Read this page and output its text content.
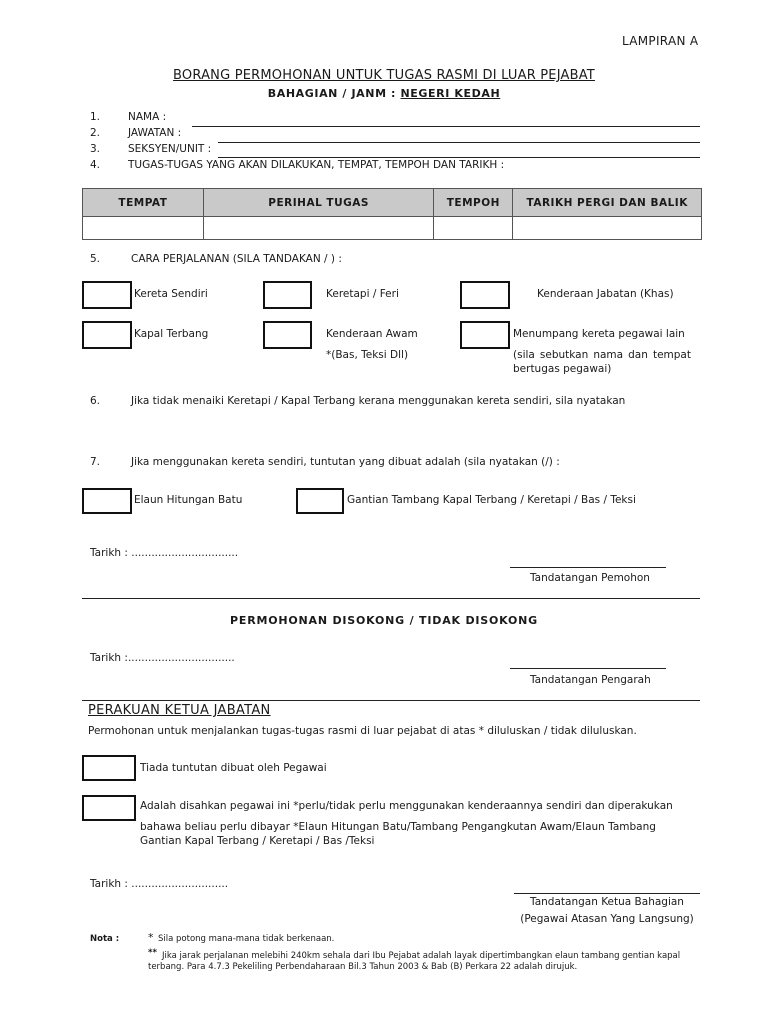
LAMPIRAN A
BORANG PERMOHONAN UNTUK TUGAS RASMI DI LUAR PEJABAT
BAHAGIAN / JANM : NEGERI KEDAH
1.	NAMA :
2.	JAWATAN :
3.	SEKSYEN/UNIT :
4.	TUGAS-TUGAS YANG AKAN DILAKUKAN, TEMPAT, TEMPOH DAN TARIKH :
TEMPAT	PERIHAL TUGAS	TEMPOH	TARIKH PERGI DAN BALIK

5.	CARA PERJALANAN (SILA TANDAKAN / ) :
Kereta Sendiri	Keretapi / Feri	Kenderaan Jabatan (Khas)
Kapal Terbang	Kenderaan Awam
*(Bas, Teksi Dll)
Menumpang kereta pegawai lain
(sila sebutkan nama dan tempat
bertugas pegawai)
6.	Jika tidak menaiki Keretapi / Kapal Terbang kerana menggunakan kereta sendiri, sila nyatakan
7.	Jika menggunakan kereta sendiri, tuntutan yang dibuat adalah (sila nyatakan (/) :
Elaun Hitungan Batu	Gantian Tambang Kapal Terbang / Keretapi / Bas / Teksi
Tarikh : ................................
Tandatangan Pemohon
PERMOHONAN DISOKONG / TIDAK DISOKONG
Tarikh :................................
Tandatangan Pengarah
PERAKUAN KETUA JABATAN
Permohonan untuk menjalankan tugas-tugas rasmi di luar pejabat di atas * diluluskan / tidak diluluskan.
Tiada tuntutan dibuat oleh Pegawai
Adalah disahkan pegawai ini *perlu/tidak perlu menggunakan kenderaannya sendiri dan diperakukan
bahawa beliau perlu dibayar *Elaun Hitungan Batu/Tambang Pengangkutan Awam/Elaun Tambang Gantian Kapal Terbang / Keretapi / Bas /Teksi
Tarikh : .............................
Tandatangan Ketua Bahagian
(Pegawai Atasan Yang Langsung)
Nota :	* Sila potong mana-mana tidak berkenaan.
** Jika jarak perjalanan melebihi 240km sehala dari Ibu Pejabat adalah layak dipertimbangkan elaun tambang gentian kapal terbang. Para 4.7.3 Pekeliling Perbendaharaan Bil.3 Tahun 2003 & Bab (B) Perkara 22 adalah dirujuk.
